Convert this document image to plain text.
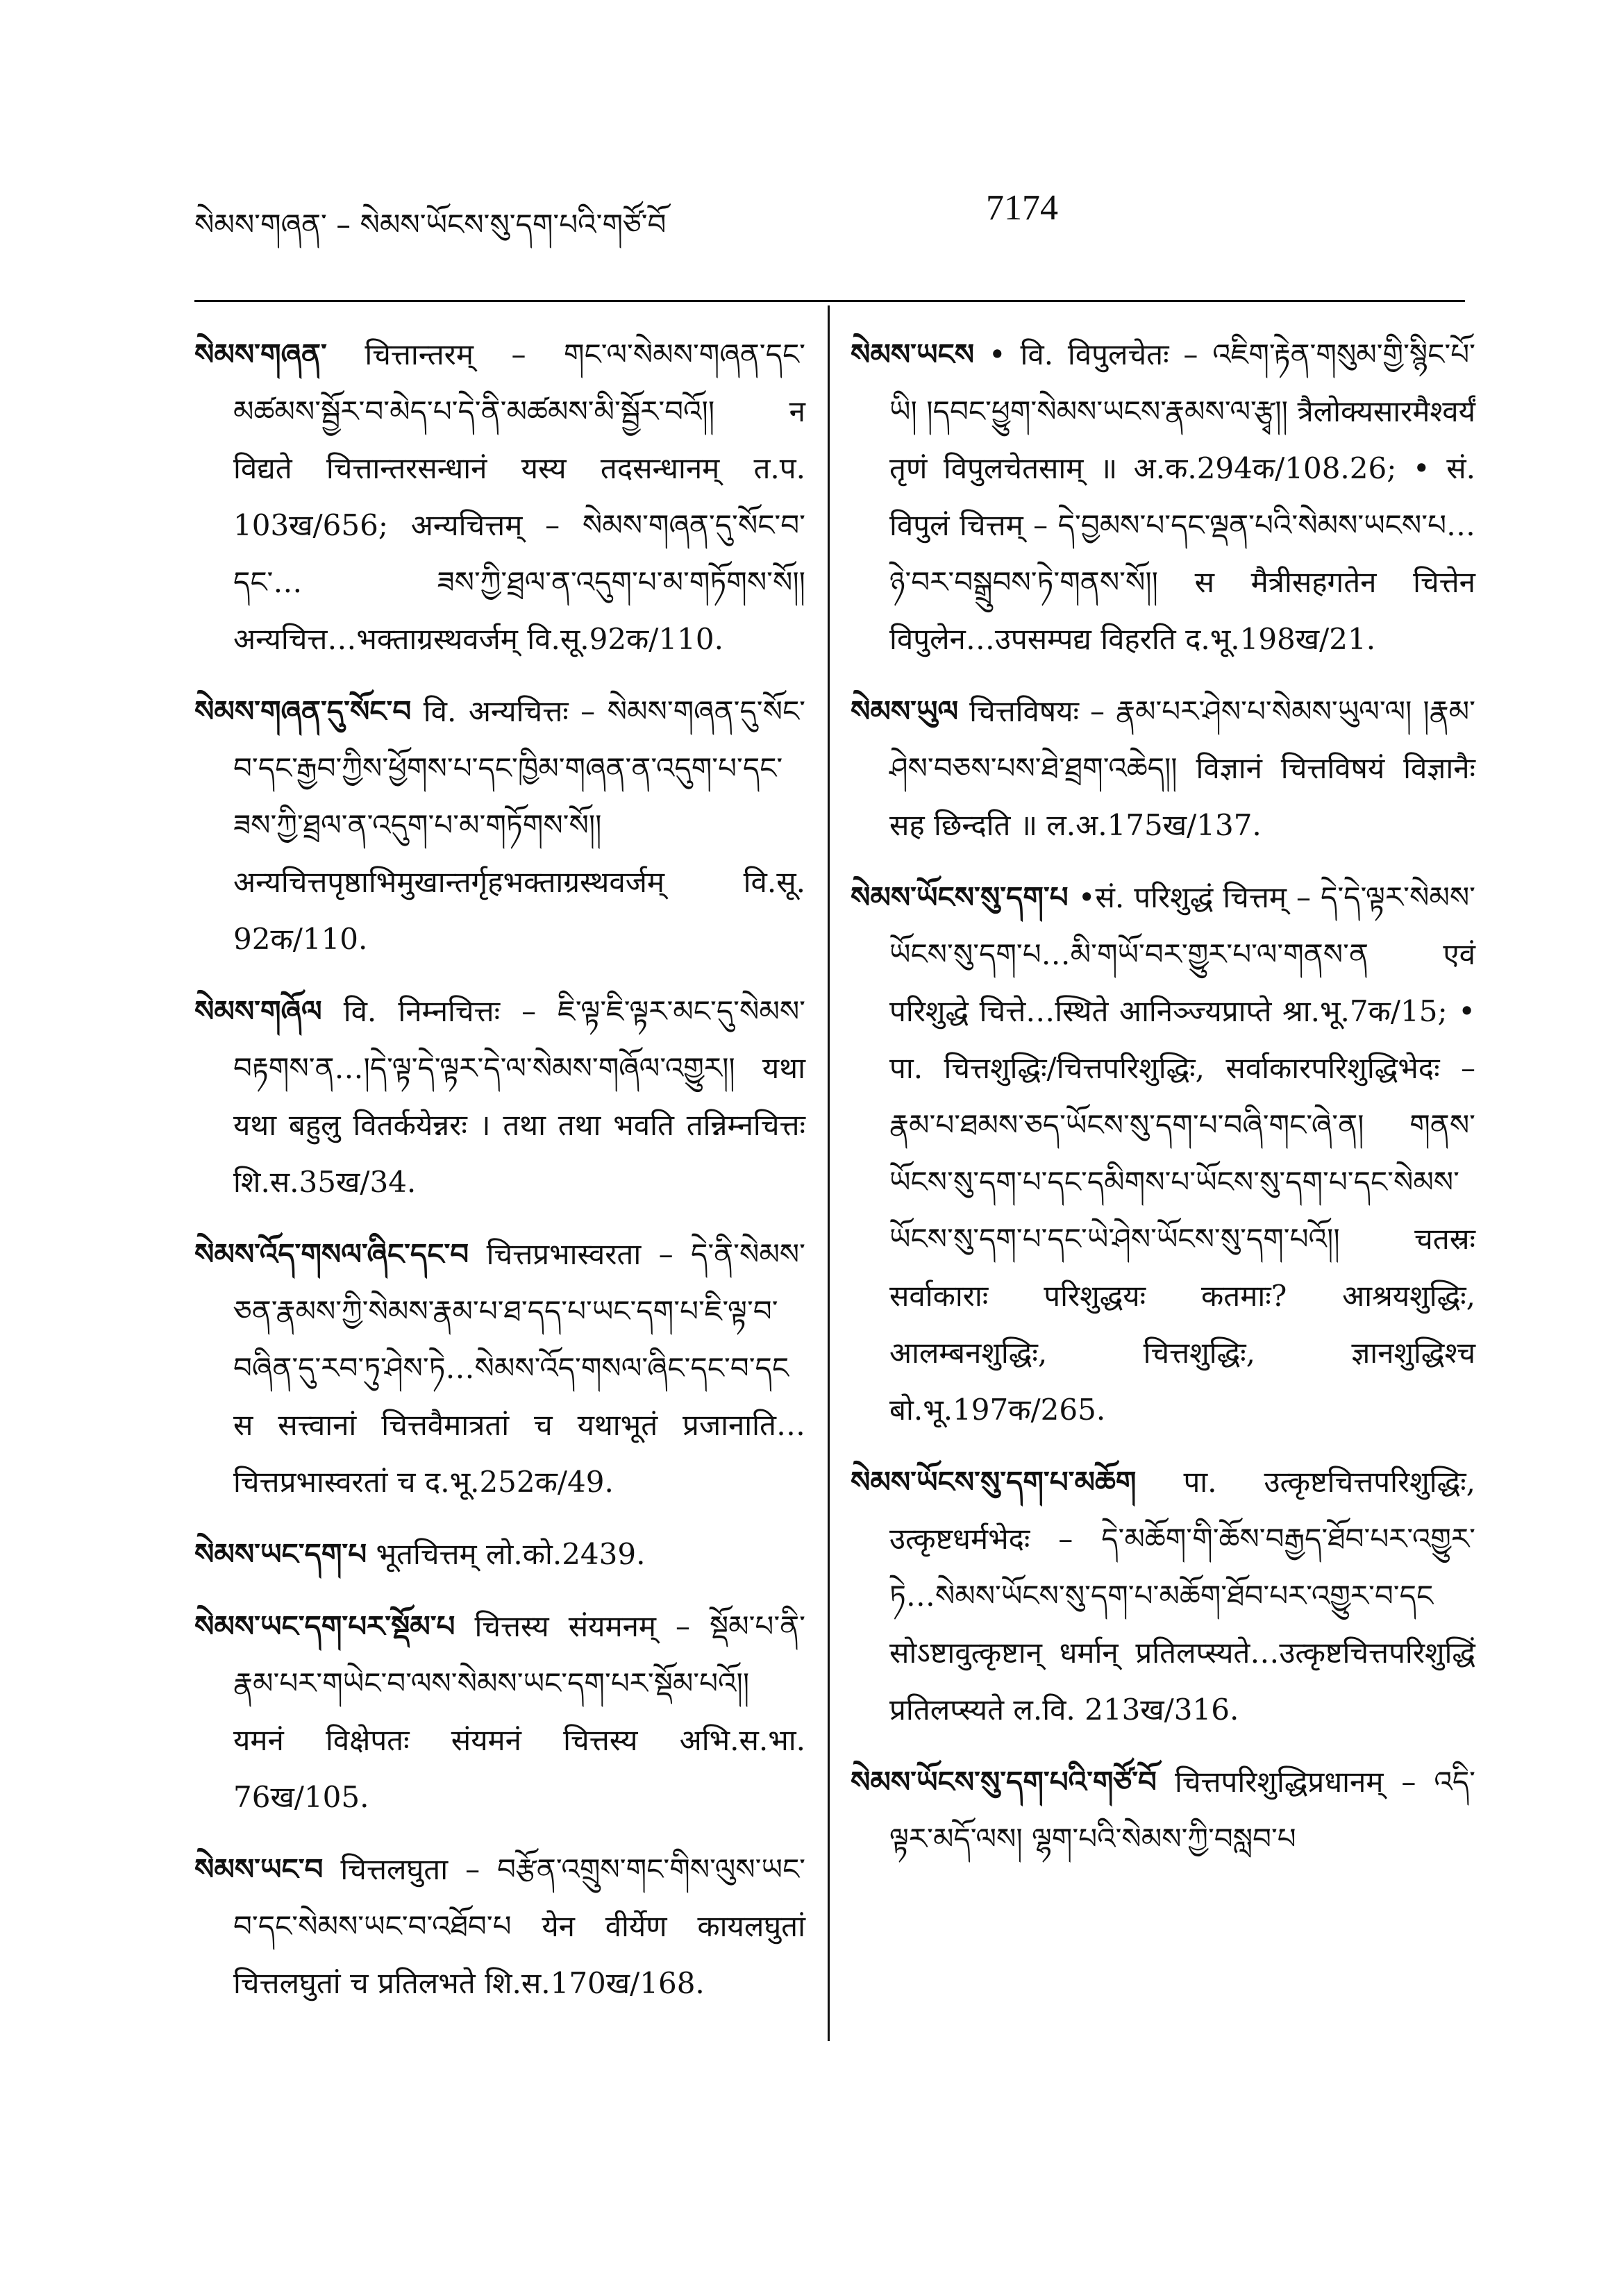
སེམས་གཞན་ – སེམས་ཡོངས་སུ་དག་པའི་གཙོ་བོ	7174

སེམས་གཞན་ चित्तान्तरम् – གང་ལ་སེམས་གཞན་དང་མཚམས་སྦྱོར་བ་མེད་པ་དེ་ནི་མཚམས་མི་སྦྱོར་བའོ།། न विद्यते चित्तान्तरसन्धानं यस्य तदसन्धानम् त.प. 103ख/656; अन्यचित्तम् – སེམས་གཞན་དུ་སོང་བ་དང་… ཟས་ཀྱི་ཐྲལ་ན་འདུག་པ་མ་གཏོགས་སོ།། अन्यचित्त…भक्ताग्रस्थवर्जम् वि.सू.92क/110.

སེམས་གཞན་དུ་སོང་བ वि. अन्यचित्तः – སེམས་གཞན་དུ་སོང་བ་དང་རྒྱབ་ཀྱིས་ཕྱོགས་པ་དང་ཁྱིམ་གཞན་ན་འདུག་པ་དང་ཟས་ཀྱི་ཐྲལ་ན་འདུག་པ་མ་གཏོགས་སོ།། अन्यचित्तपृष्ठाभिमुखान्तर्गृहभक्ताग्रस्थवर्जम् वि.सू. 92क/110.

སེམས་གཞོལ वि. निम्नचित्तः – ཇི་ལྟ་ཇི་ལྟར་མང་དུ་སེམས་བརྟགས་ན…།དེ་ལྟ་དེ་ལྟར་དེ་ལ་སེམས་གཞོལ་འགྱུར།། यथा यथा बहुलु वितर्कयेन्नरः । तथा तथा भवति तन्निम्नचित्तः शि.स.35ख/34.

སེམས་འོད་གསལ་ཞིང་དང་བ चित्तप्रभास्वरता – དེ་ནི་སེམས་ཅན་རྣམས་ཀྱི་སེམས་རྣམ་པ་ཐ་དད་པ་ཡང་དག་པ་ཇི་ལྟ་བ་བཞིན་དུ་རབ་ཏུ་ཤེས་ཏེ…སེམས་འོད་གསལ་ཞིང་དང་བ་དང स सत्त्वानां चित्तवैमात्रतां च यथाभूतं प्रजानाति…चित्तप्रभास्वरतां च द.भू.252क/49.

སེམས་ཡང་དག་པ भूतचित्तम् लो.को.2439.

སེམས་ཡང་དག་པར་སྡོམ་པ चित्तस्य संयमनम् – སྡོམ་པ་ནི་རྣམ་པར་གཡེང་བ་ལས་སེམས་ཡང་དག་པར་སྡོམ་པའོ།། यमनं विक्षेपतः संयमनं चित्तस्य अभि.स.भा. 76ख/105.

སེམས་ཡང་བ चित्तलघुता – བརྩོན་འགྲུས་གང་གིས་ལུས་ཡང་བ་དང་སེམས་ཡང་བ་འཐོབ་པ येन वीर्येण कायलघुतां चित्तलघुतां च प्रतिलभते शि.स.170ख/168.

སེམས་ཡངས • वि. विपुलचेतः – འཇིག་རྟེན་གསུམ་གྱི་སྙིང་པོ་ཡི། །དབང་ཕྱུག་སེམས་ཡངས་རྣམས་ལ་རྩྭ།། त्रैलोक्यसारमैश्वर्यं तृणं विपुलचेतसाम् ॥ अ.क.294क/108.26; • सं. विपुलं चित्तम् – དེ་བྱམས་པ་དང་ལྡན་པའི་སེམས་ཡངས་པ…ཉེ་བར་བསྒྲུབས་ཏེ་གནས་སོ།། स मैत्रीसहगतेन चित्तेन विपुलेन…उपसम्पद्य विहरति द.भू.198ख/21.

སེམས་ཡུལ चित्तविषयः – རྣམ་པར་ཤེས་པ་སེམས་ཡུལ་ལ། །རྣམ་ཤེས་བཅས་པས་ཐེ་ཐྲག་འཆེད།། विज्ञानं चित्तविषयं विज्ञानैः सह छिन्दति ॥ ल.अ.175ख/137.

སེམས་ཡོངས་སུ་དག་པ •सं. परिशुद्धं चित्तम् – དེ་དེ་ལྟར་སེམས་ཡོངས་སུ་དག་པ…མི་གཡོ་བར་གྱུར་པ་ལ་གནས་ན एवं परिशुद्धे चित्ते…स्थिते आनिञ्ज्यप्राप्ते श्रा.भू.7क/15; • पा. चित्तशुद्धिः/चित्तपरिशुद्धिः, सर्वाकारपरिशुद्धिभेदः – རྣམ་པ་ཐམས་ཅད་ཡོངས་སུ་དག་པ་བཞི་གང་ཞེ་ན། གནས་ཡོངས་སུ་དག་པ་དང་དམིགས་པ་ཡོངས་སུ་དག་པ་དང་སེམས་ཡོངས་སུ་དག་པ་དང་ཡེ་ཤེས་ཡོངས་སུ་དག་པའོ།། चतस्रः सर्वाकाराः परिशुद्धयः कतमाः? आश्रयशुद्धिः, आलम्बनशुद्धिः, चित्तशुद्धिः, ज्ञानशुद्धिश्च बो.भू.197क/265.

སེམས་ཡོངས་སུ་དག་པ་མཆོག पा. उत्कृष्टचित्तपरिशुद्धिः, उत्कृष्टधर्मभेदः – དེ་མཆོག་གི་ཆོས་བརྒྱད་ཐོབ་པར་འགྱུར་ཏེ…སེམས་ཡོངས་སུ་དག་པ་མཆོག་ཐོབ་པར་འགྱུར་བ་དང सोऽष्टावुत्कृष्टान् धर्मान् प्रतिलप्स्यते…उत्कृष्टचित्तपरिशुद्धिं प्रतिलप्स्यते ल.वि. 213ख/316.

སེམས་ཡོངས་སུ་དག་པའི་གཙོ་བོ चित्तपरिशुद्धिप्रधानम् – འདི་ལྟར་མདོ་ལས། ལྷག་པའི་སེམས་ཀྱི་བསླབ་པ
